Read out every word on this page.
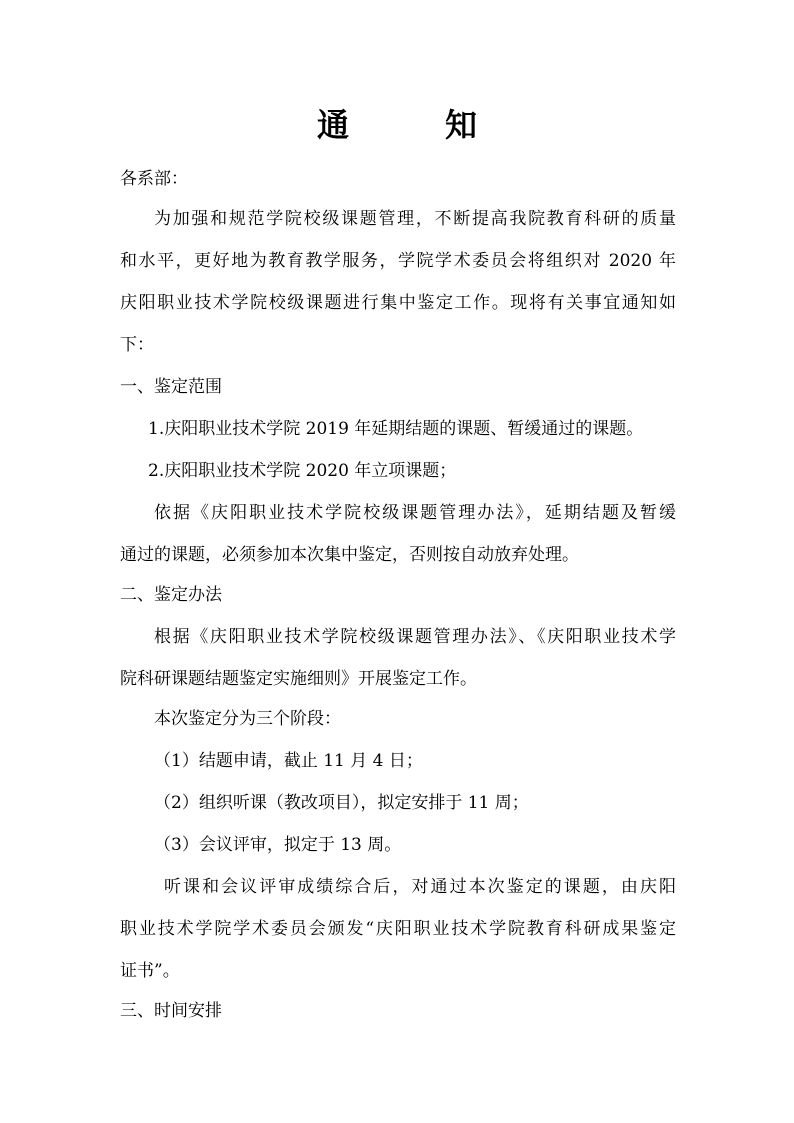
通	知
各系部：
为加强和规范学院校级课题管理，不断提高我院教育科研的质量
和水平，更好地为教育教学服务，学院学术委员会将组织对 2020 年
庆阳职业技术学院校级课题进行集中鉴定工作。现将有关事宜通知如
下：
一、鉴定范围
1.庆阳职业技术学院 2019 年延期结题的课题、暂缓通过的课题。
2.庆阳职业技术学院 2020 年立项课题；
依据《庆阳职业技术学院校级课题管理办法》，延期结题及暂缓
通过的课题，必须参加本次集中鉴定，否则按自动放弃处理。
二、鉴定办法
根据《庆阳职业技术学院校级课题管理办法》、《庆阳职业技术学
院科研课题结题鉴定实施细则》开展鉴定工作。
本次鉴定分为三个阶段：
（1）结题申请，截止 11 月 4 日；
（2）组织听课（教改项目），拟定安排于 11 周；
（3）会议评审，拟定于 13 周。
听课和会议评审成绩综合后，对通过本次鉴定的课题，由庆阳
职业技术学院学术委员会颁发“庆阳职业技术学院教育科研成果鉴定
证书”。
三、时间安排
